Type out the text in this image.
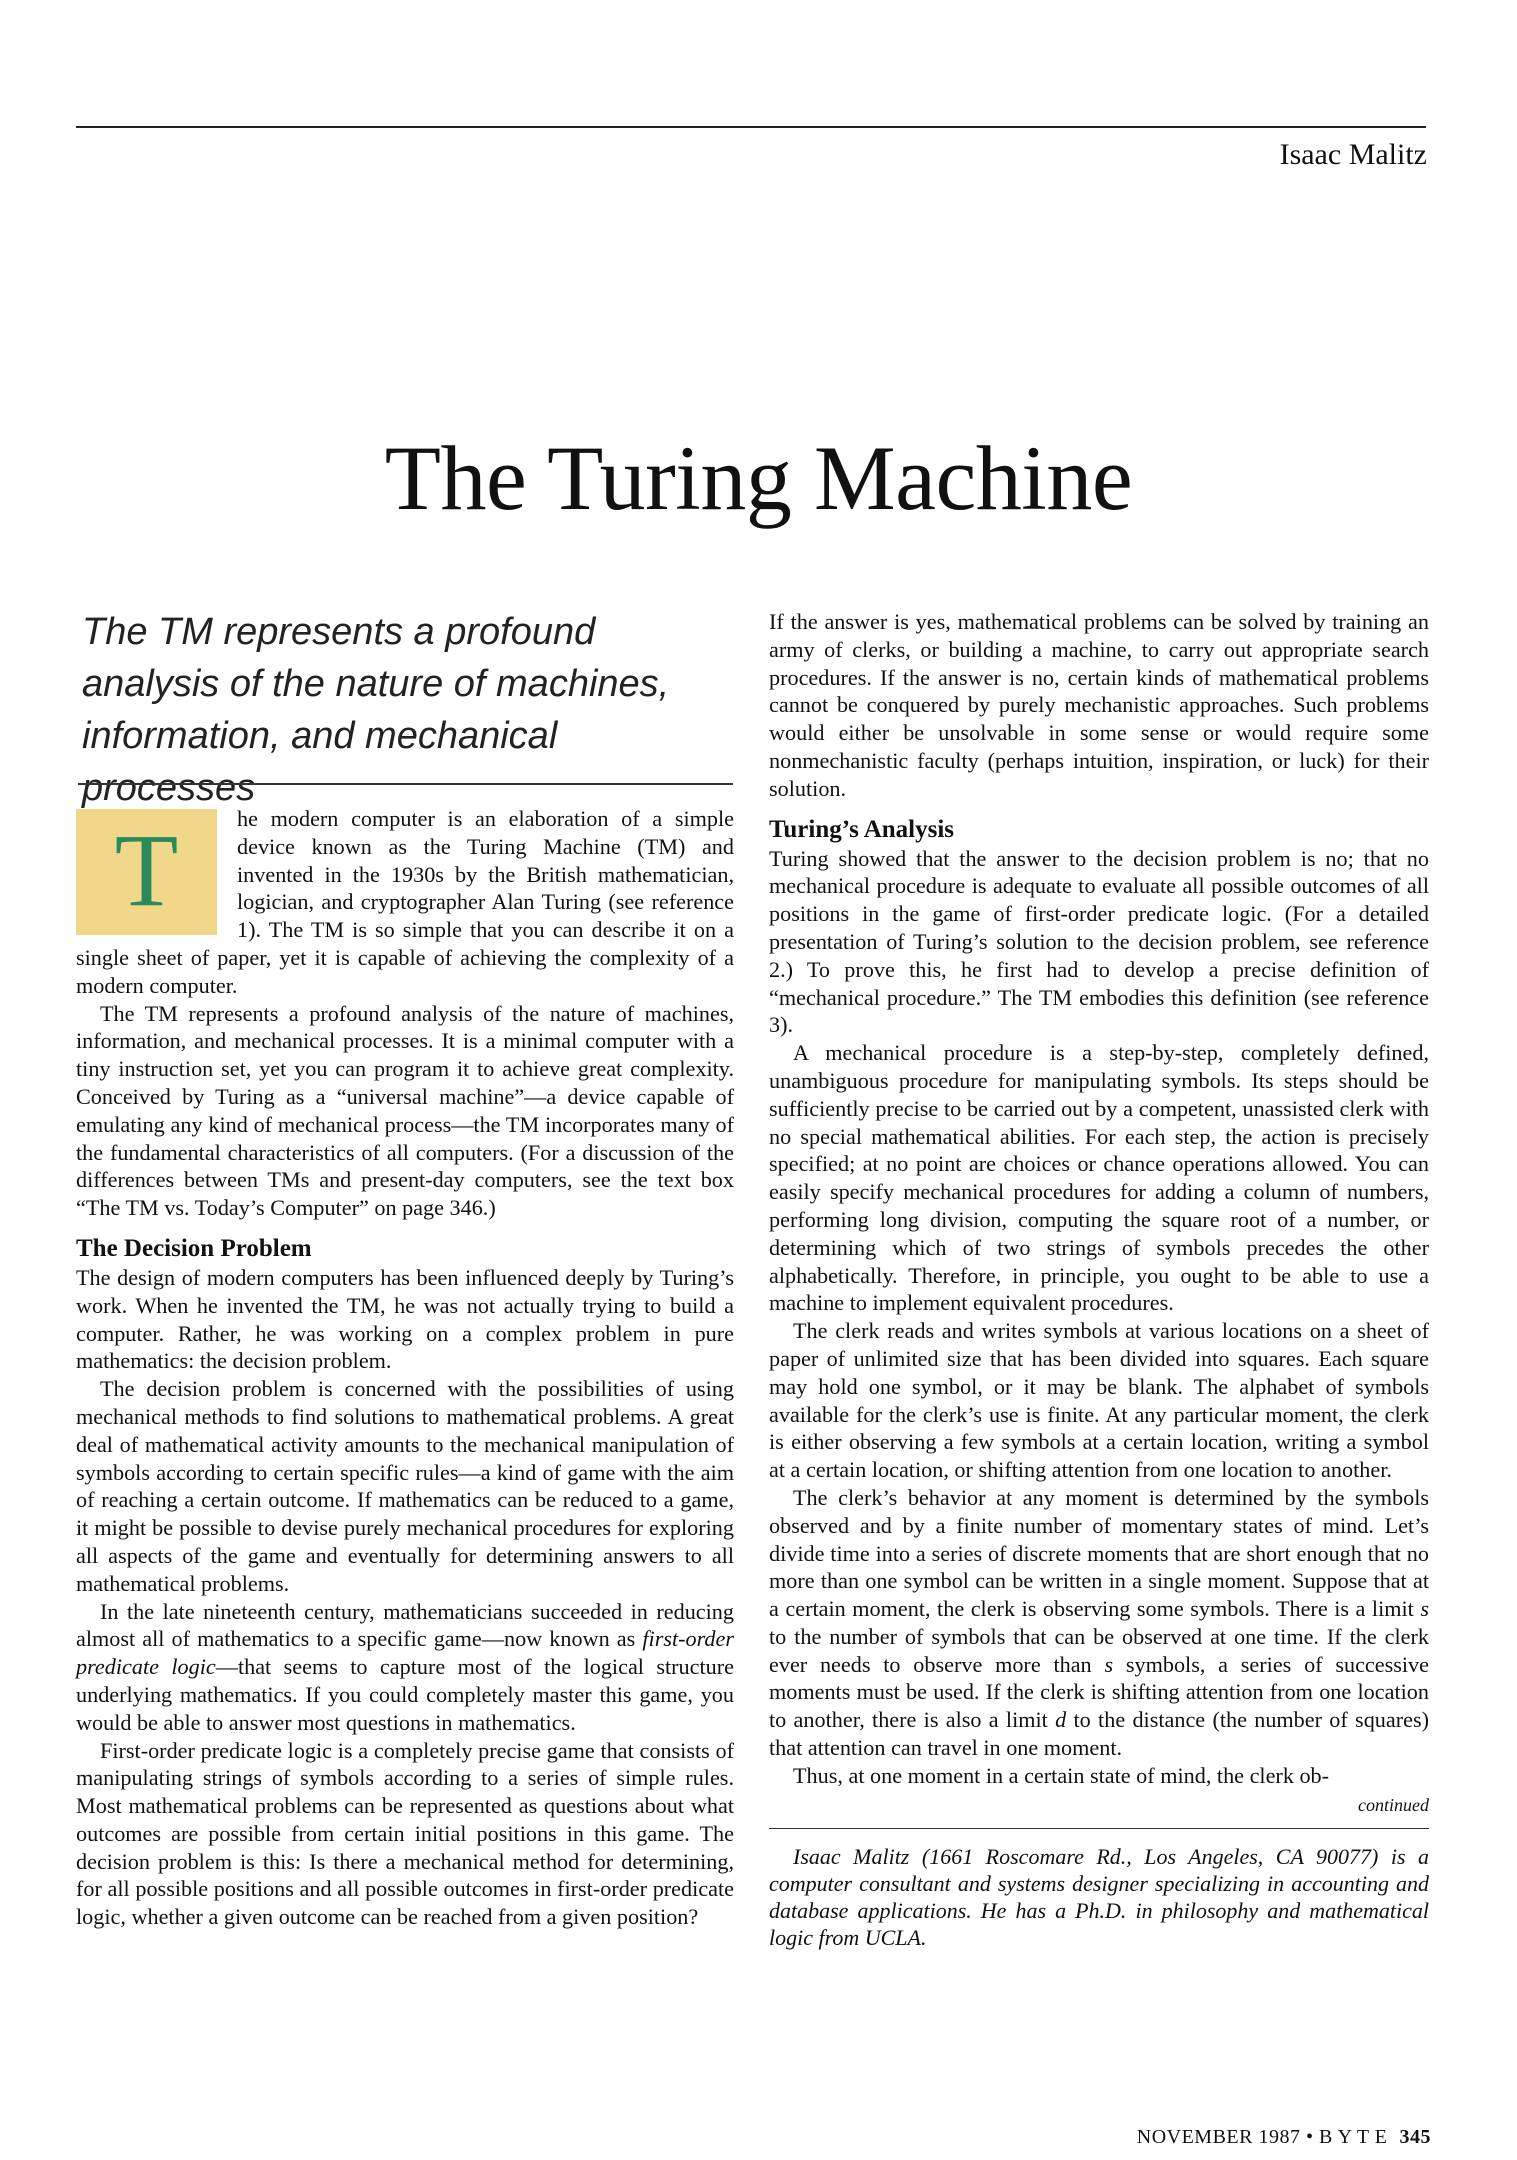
Isaac Malitz
The Turing Machine
The TM represents a profound analysis of the nature of machines, information, and mechanical processes

T	he modern computer is an elaboration of a simple device known as the Turing Machine (TM) and invented in the 1930s by the British mathematician, logician, and cryptographer Alan Turing (see reference 1). The TM is so simple that you can describe it on a single sheet of paper, yet it is capable of achieving the complexity of a modern computer.

The TM represents a profound analysis of the nature of machines, information, and mechanical processes. It is a minimal computer with a tiny instruction set, yet you can program it to achieve great complexity. Conceived by Turing as a “universal machine”—a device capable of emulating any kind of mechanical process—the TM incorporates many of the fundamental characteristics of all computers. (For a discussion of the differences between TMs and present-day computers, see the text box “The TM vs. Today’s Computer” on page 346.)

The Decision Problem

The design of modern computers has been influenced deeply by Turing’s work. When he invented the TM, he was not actually trying to build a computer. Rather, he was working on a complex problem in pure mathematics: the decision problem.

The decision problem is concerned with the possibilities of using mechanical methods to find solutions to mathematical problems. A great deal of mathematical activity amounts to the mechanical manipulation of symbols according to certain specific rules—a kind of game with the aim of reaching a certain outcome. If mathematics can be reduced to a game, it might be possible to devise purely mechanical procedures for exploring all aspects of the game and eventually for determining answers to all mathematical problems.

In the late nineteenth century, mathematicians succeeded in reducing almost all of mathematics to a specific game—now known as first-order predicate logic—that seems to capture most of the logical structure underlying mathematics. If you could completely master this game, you would be able to answer most questions in mathematics.

First-order predicate logic is a completely precise game that consists of manipulating strings of symbols according to a series of simple rules. Most mathematical problems can be represented as questions about what outcomes are possible from certain initial positions in this game. The decision problem is this: Is there a mechanical method for determining, for all possible positions and all possible outcomes in first-order predicate logic, whether a given outcome can be reached from a given position?

If the answer is yes, mathematical problems can be solved by training an army of clerks, or building a machine, to carry out appropriate search procedures. If the answer is no, certain kinds of mathematical problems cannot be conquered by purely mechanistic approaches. Such problems would either be unsolvable in some sense or would require some nonmechanistic faculty (perhaps intuition, inspiration, or luck) for their solution.

Turing’s Analysis

Turing showed that the answer to the decision problem is no; that no mechanical procedure is adequate to evaluate all possible outcomes of all positions in the game of first-order predicate logic. (For a detailed presentation of Turing’s solution to the decision problem, see reference 2.) To prove this, he first had to develop a precise definition of “mechanical procedure.” The TM embodies this definition (see reference 3).

A mechanical procedure is a step-by-step, completely defined, unambiguous procedure for manipulating symbols. Its steps should be sufficiently precise to be carried out by a competent, unassisted clerk with no special mathematical abilities. For each step, the action is precisely specified; at no point are choices or chance operations allowed. You can easily specify mechanical procedures for adding a column of numbers, performing long division, computing the square root of a number, or determining which of two strings of symbols precedes the other alphabetically. Therefore, in principle, you ought to be able to use a machine to implement equivalent procedures.

The clerk reads and writes symbols at various locations on a sheet of paper of unlimited size that has been divided into squares. Each square may hold one symbol, or it may be blank. The alphabet of symbols available for the clerk’s use is finite. At any particular moment, the clerk is either observing a few symbols at a certain location, writing a symbol at a certain location, or shifting attention from one location to another.

The clerk’s behavior at any moment is determined by the symbols observed and by a finite number of momentary states of mind. Let’s divide time into a series of discrete moments that are short enough that no more than one symbol can be written in a single moment. Suppose that at a certain moment, the clerk is observing some symbols. There is a limit s to the number of symbols that can be observed at one time. If the clerk ever needs to observe more than s symbols, a series of successive moments must be used. If the clerk is shifting attention from one location to another, there is also a limit d to the distance (the number of squares) that attention can travel in one moment.

Thus, at one moment in a certain state of mind, the clerk ob-

continued

Isaac Malitz (1661 Roscomare Rd., Los Angeles, CA 90077) is a computer consultant and systems designer specializing in accounting and database applications. He has a Ph.D. in philosophy and mathematical logic from UCLA.

NOVEMBER 1987 • B Y T E 345
